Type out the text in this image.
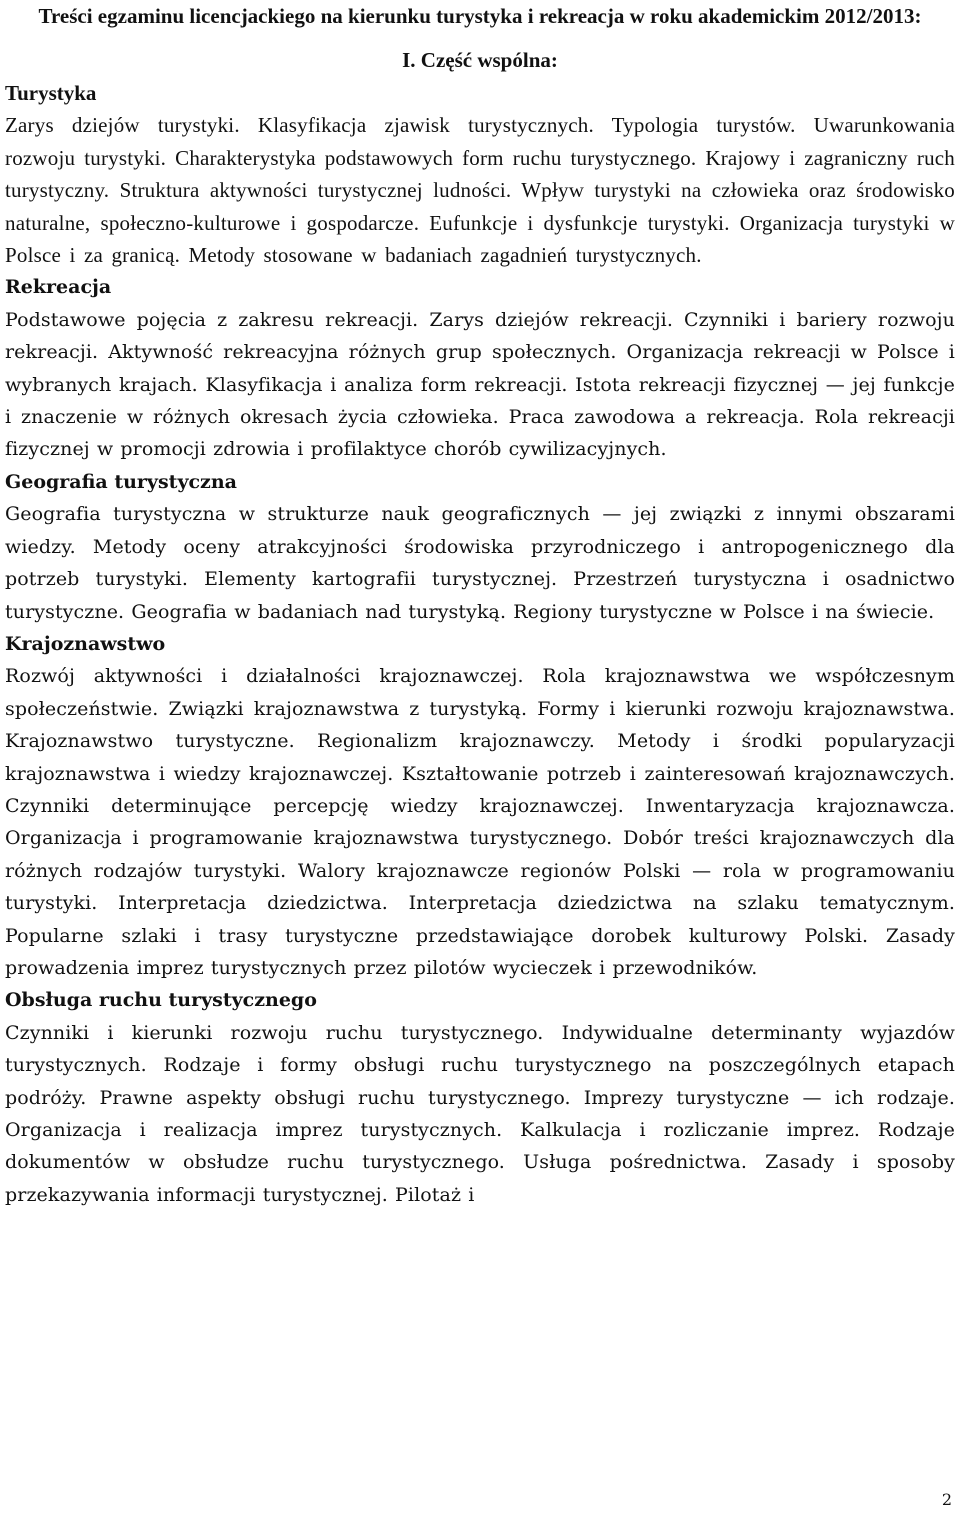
Treści egzaminu licencjackiego na kierunku turystyka i rekreacja w roku akademickim 2012/2013:
I. Część wspólna:
Turystyka

Zarys dziejów turystyki. Klasyfikacja zjawisk turystycznych. Typologia turystów. Uwarunkowania rozwoju turystyki. Charakterystyka podstawowych form ruchu turystycznego. Krajowy i zagraniczny ruch turystyczny. Struktura aktywności turystycznej ludności. Wpływ turystyki na człowieka oraz środowisko naturalne, społeczno-kulturowe i gospodarcze. Eufunkcje i dysfunkcje turystyki. Organizacja turystyki w Polsce i za granicą. Metody stosowane w badaniach zagadnień turystycznych.

Rekreacja

Podstawowe pojęcia z zakresu rekreacji. Zarys dziejów rekreacji. Czynniki i bariery rozwoju rekreacji. Aktywność rekreacyjna różnych grup społecznych. Organizacja rekreacji w Polsce i wybranych krajach. Klasyfikacja i analiza form rekreacji. Istota rekreacji fizycznej — jej funkcje i znaczenie w różnych okresach życia człowieka. Praca zawodowa a rekreacja. Rola rekreacji fizycznej w promocji zdrowia i profilaktyce chorób cywilizacyjnych.

Geografia turystyczna

Geografia turystyczna w strukturze nauk geograficznych — jej związki z innymi obszarami wiedzy. Metody oceny atrakcyjności środowiska przyrodniczego i antropogenicznego dla potrzeb turystyki. Elementy kartografii turystycznej. Przestrzeń turystyczna i osadnictwo turystyczne. Geografia w badaniach nad turystyką. Regiony turystyczne w Polsce i na świecie.

Krajoznawstwo

Rozwój aktywności i działalności krajoznawczej. Rola krajoznawstwa we współczesnym społeczeństwie. Związki krajoznawstwa z turystyką. Formy i kierunki rozwoju krajoznawstwa. Krajoznawstwo turystyczne. Regionalizm krajoznawczy. Metody i środki popularyzacji krajoznawstwa i wiedzy krajoznawczej. Kształtowanie potrzeb i zainteresowań krajoznawczych. Czynniki determinujące percepcję wiedzy krajoznawczej. Inwentaryzacja krajoznawcza. Organizacja i programowanie krajoznawstwa turystycznego. Dobór treści krajoznawczych dla różnych rodzajów turystyki. Walory krajoznawcze regionów Polski — rola w programowaniu turystyki. Interpretacja dziedzictwa. Interpretacja dziedzictwa na szlaku tematycznym. Popularne szlaki i trasy turystyczne przedstawiające dorobek kulturowy Polski. Zasady prowadzenia imprez turystycznych przez pilotów wycieczek i przewodników.

Obsługa ruchu turystycznego

Czynniki i kierunki rozwoju ruchu turystycznego. Indywidualne determinanty wyjazdów turystycznych. Rodzaje i formy obsługi ruchu turystycznego na poszczególnych etapach podróży. Prawne aspekty obsługi ruchu turystycznego. Imprezy turystyczne — ich rodzaje. Organizacja i realizacja imprez turystycznych. Kalkulacja i rozliczanie imprez. Rodzaje dokumentów w obsłudze ruchu turystycznego. Usługa pośrednictwa. Zasady i sposoby przekazywania informacji turystycznej. Pilotaż i

2
